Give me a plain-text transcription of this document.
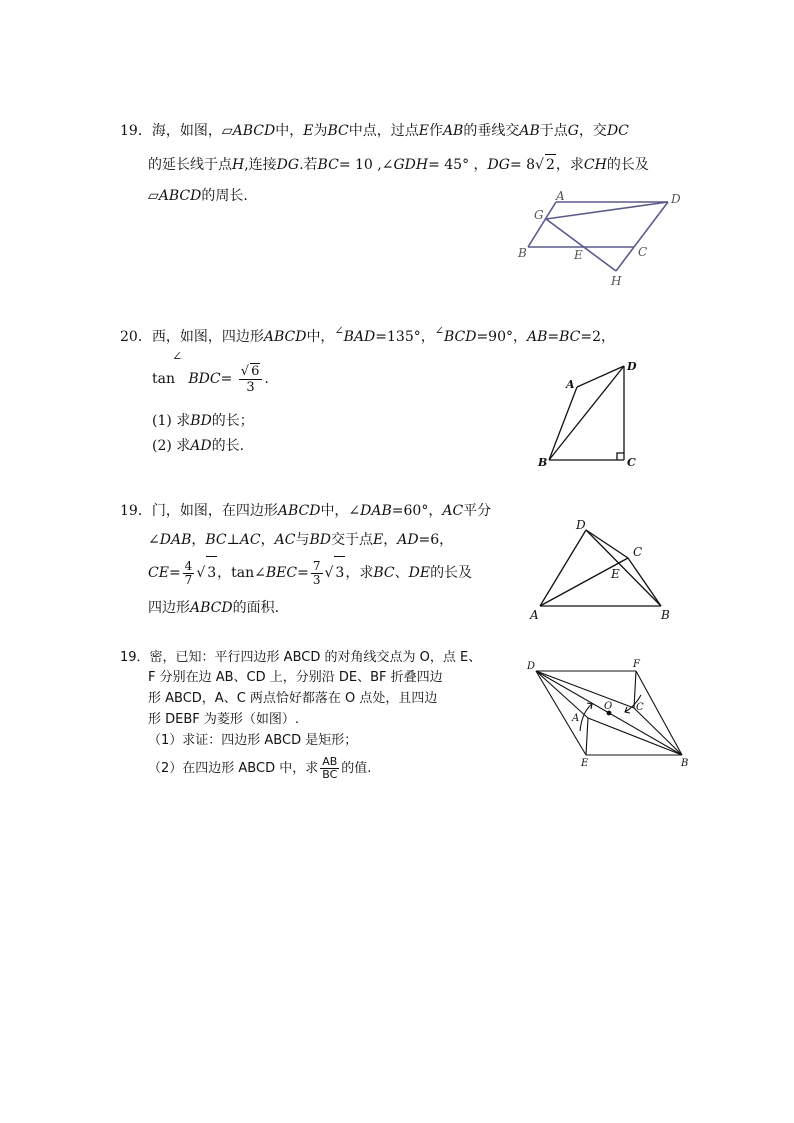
19．海，如图，▱ABCD中，E为BC中点，过点E作AB的垂线交AB于点G，交DC
的延长线于点H,连接DG.若BC= 10 ,∠GDH= 45° ，DG= 8√ 2，求CH的长及
▱ABCD的周长.	A	D
G
B	E	C
H
20．西，如图，四边形ABCD中，∠BAD=135°，∠BCD=90°，AB=BC=2，
∠
$\tan BDC= \frac{√ 6}{3}$ .
(1) 求BD的长；
(2) 求AD的长.
A
D
B	C
19．门，如图，在四边形ABCD中，∠DAB=60°，AC平分
∠DAB，BC⊥AC，AC与BD交于点E，AD=6，
$CE= \frac{4}{7}$ √ 3，tan∠BEC= $\frac{7}{3}$ √ 3，求BC、DE的长及
四边形ABCD的面积.
D
C
E
A	B
19．密，已知：平行四边形 ABCD 的对角线交点为 O，点 E、
F 分别在边 AB、CD 上，分别沿 DE、BF 折叠四边
形 ABCD，A、C 两点恰好都落在 O 点处，且四边
形 DEBF 为菱形（如图）.
（1）求证：四边形 ABCD 是矩形；
（2）在四边形 ABCD 中，求 $\frac{AB}{BC}$ 的值.
D	F
O
A
C
E	B
